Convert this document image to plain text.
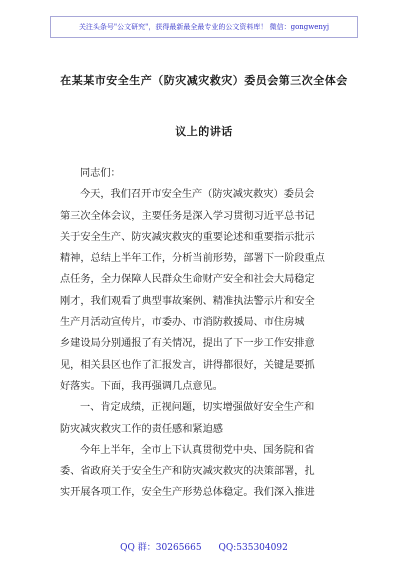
关注头条号"公文研究"，获得最新最全最专业的公文资料库！ 微信：gongwenyj
在某某市安全生产（防灾减灾救灾）委员会第三次全体会
议上的讲话

同志们：

今天，我们召开市安全生产（防灾减灾救灾）委员会

第三次全体会议，主要任务是深入学习贯彻习近平总书记

关于安全生产、防灾减灾救灾的重要论述和重要指示批示

精神，总结上半年工作，分析当前形势，部署下一阶段重点

点任务，全力保障人民群众生命财产安全和社会大局稳定

刚才，我们观看了典型事故案例、精准执法警示片和安全

生产月活动宣传片，市委办、市消防救援局、市住房城

乡建设局分别通报了有关情况，提出了下一步工作安排意

见，相关县区也作了汇报发言，讲得都很好，关键是要抓

好落实。下面，我再强调几点意见。

一、肯定成绩，正视问题，切实增强做好安全生产和

防灾减灾救灾工作的责任感和紧迫感

今年上半年，全市上下认真贯彻党中央、国务院和省

委、省政府关于安全生产和防灾减灾救灾的决策部署，扎

实开展各项工作，安全生产形势总体稳定。我们深入推进

QQ 群：30265665 QQ:535304092
